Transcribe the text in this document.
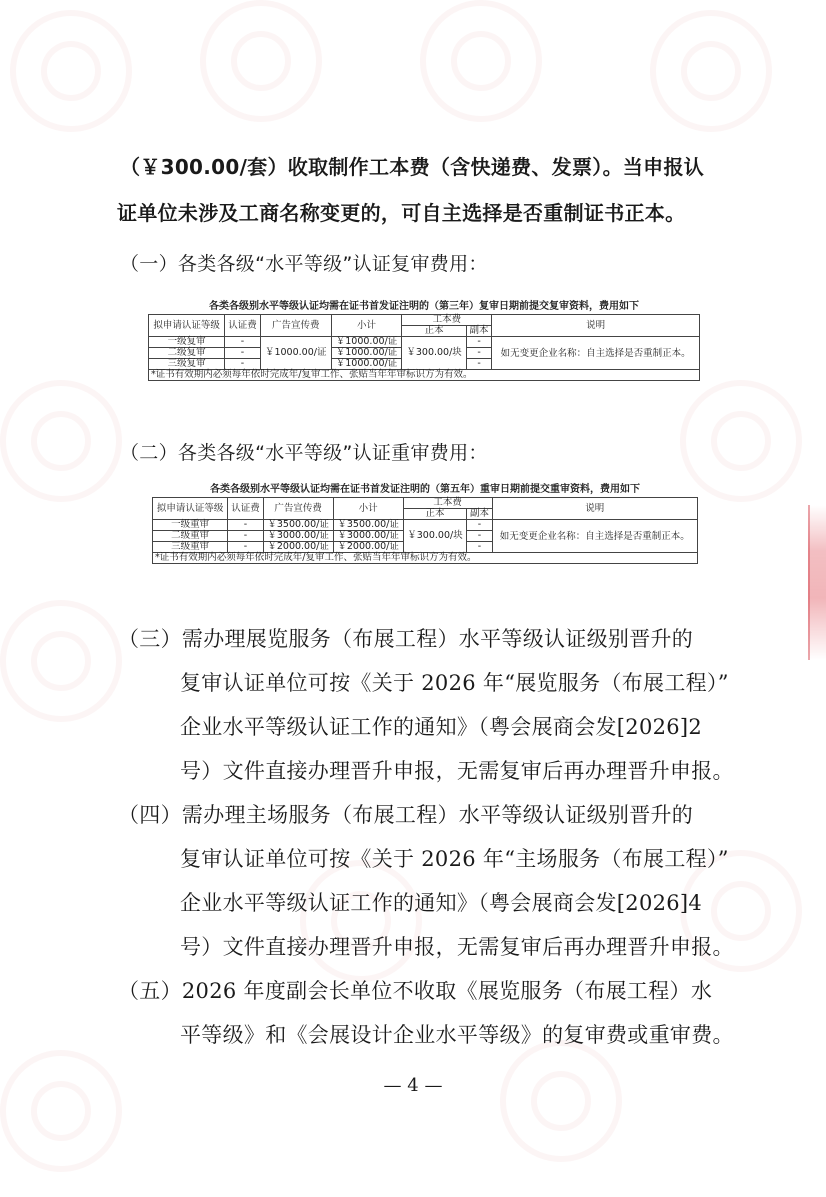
（￥300.00/套）收取制作工本费（含快递费、发票）。当申报认
证单位未涉及工商名称变更的，可自主选择是否重制证书正本。
（一）各类各级“水平等级”认证复审费用：
各类各级别水平等级认证均需在证书首发证注明的（第三年）复审日期前提交复审资料，费用如下
拟申请认证等级	认证费	广告宣传费	小计	工本费		说明
				正本	副本	
一级复审	-	￥1000.00/证	￥1000.00/证	￥300.00/块	-	如无变更企业名称：自主选择是否重制正本。
二级复审	-		￥1000.00/证		-	
三级复审	-		￥1000.00/证		-	
*证书有效期内必须每年依时完成年/复审工作、张贴当年年审标识方为有效。						
（二）各类各级“水平等级”认证重审费用：
各类各级别水平等级认证均需在证书首发证注明的（第五年）重审日期前提交重审资料，费用如下
拟申请认证等级	认证费	广告宣传费	小计	工本费		说明
				正本	副本	
一级重审	-	￥3500.00/证	￥3500.00/证	￥300.00/块	-	如无变更企业名称：自主选择是否重制正本。
二级重审	-	￥3000.00/证	￥3000.00/证		-	
三级重审	-	￥2000.00/证	￥2000.00/证		-	
*证书有效期内必须每年依时完成年/复审工作、张贴当年年审标识方为有效。						
（三）需办理展览服务（布展工程）水平等级认证级别晋升的
复审认证单位可按《关于 2026 年“展览服务（布展工程）”
企业水平等级认证工作的通知》（粤会展商会发[2026]2
号）文件直接办理晋升申报，无需复审后再办理晋升申报。
（四）需办理主场服务（布展工程）水平等级认证级别晋升的
复审认证单位可按《关于 2026 年“主场服务（布展工程）”
企业水平等级认证工作的通知》（粤会展商会发[2026]4
号）文件直接办理晋升申报，无需复审后再办理晋升申报。
（五）2026 年度副会长单位不收取《展览服务（布展工程）水
平等级》和《会展设计企业水平等级》的复审费或重审费。
— 4 —
